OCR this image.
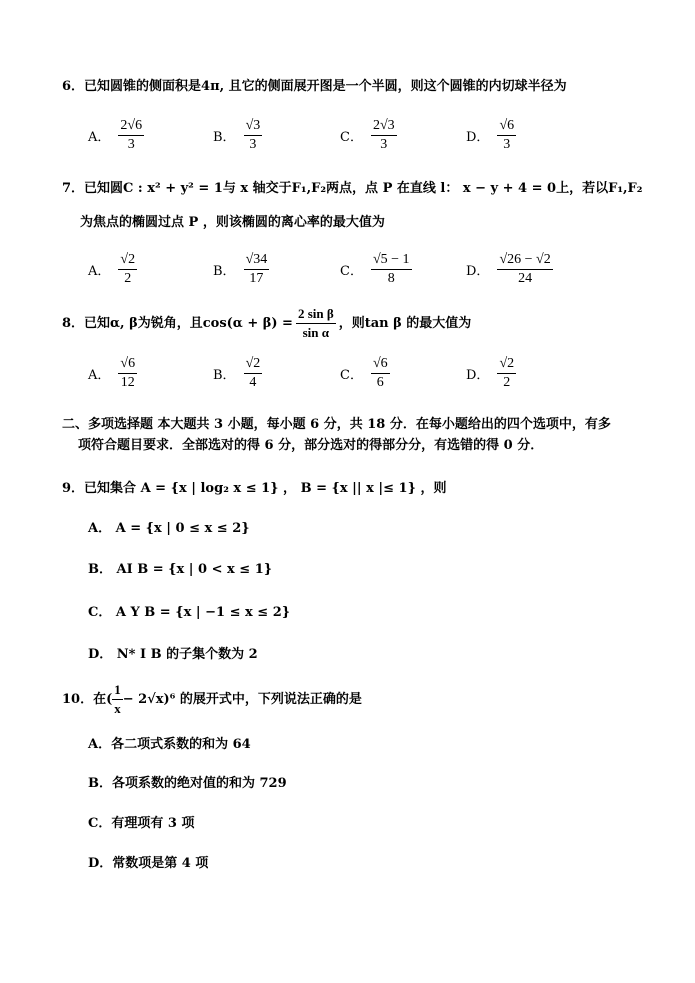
6．已知圆锥的侧面积是4π, 且它的侧面展开图是一个半圆，则这个圆锥的内切球半径为
A． $\frac{2√6}{3}$	B． $\frac{√3}{3}$	C． $\frac{2√3}{3}$	D． $\frac{√6}{3}$
7．已知圆C : x² + y² = 1与 x 轴交于F₁,F₂两点，点 P 在直线 l： x − y + 4 = 0上，若以F₁,F₂
为焦点的椭圆过点 P ，则该椭圆的离心率的最大值为
A． $\frac{√2}{2}$	B． $\frac{√34}{17}$	C． $\frac{√5 - 1}{8}$	D． $\frac{√26 - √2}{24}$
8．已知α, β为锐角，且$\cos(\alpha + \beta) = \frac{\text{2 sin β}}{\text{sin α}}$ ，则tan β 的最大值为
A． $\frac{√6}{12}$	B． $\frac{√2}{4}$	C． $\frac{√6}{6}$	D． $\frac{√2}{2}$
二、多项选择题 本大题共 3 小题，每小题 6 分，共 18 分．在每小题给出的四个选项中，有多
项符合题目要求．全部选对的得 6 分，部分选对的得部分分，有选错的得 0 分．
9．已知集合 A = {x | log₂ x ≤ 1} ， B = {x || x |≤ 1} ，则
A． A = {x | 0 ≤ x ≤ 2}
B． AI B = {x | 0 < x ≤ 1}
C． A Y B = {x | −1 ≤ x ≤ 2}
D． N* I B 的子集个数为 2
10．在( $\frac{1}{x} - 2√x)^6$ 的展开式中，下列说法正确的是
A．各二项式系数的和为 64
B．各项系数的绝对值的和为 729
C．有理项有 3 项
D．常数项是第 4 项
